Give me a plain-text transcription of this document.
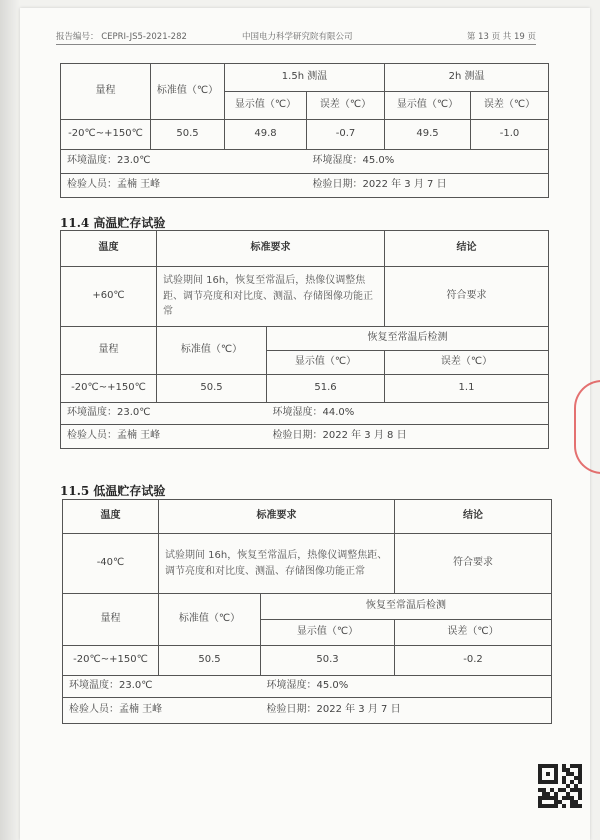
报告编号： CEPRI-JS5-2021-282	中国电力科学研究院有限公司	第 13 页 共 19 页
量程	标准值（℃）	1.5h 测温		2h 测温	
		显示值（℃）	误差（℃）	显示值（℃）	误差（℃）
-20℃~+150℃	50.5	49.8	-0.7	49.5	-1.0
环境温度：23.0℃			环境湿度：45.0%		
检验人员：孟楠 王峰			检验日期：2022 年 3 月 7 日		
11.4 高温贮存试验
温度	标准要求		结论
+60℃	试验期间 16h，恢复至常温后，热像仪调整焦距、调节亮度和对比度、测温、存储图像功能正常		符合要求
量程	标准值（℃）	恢复至常温后检测	
		显示值（℃）	误差（℃）
-20℃~+150℃	50.5	51.6	1.1
环境温度：23.0℃		环境湿度：44.0%	
检验人员：孟楠 王峰		检验日期：2022 年 3 月 8 日	
11.5 低温贮存试验
温度	标准要求		结论
-40℃	试验期间 16h，恢复至常温后，热像仪调整焦距、调节亮度和对比度、测温、存储图像功能正常		符合要求
量程	标准值（℃）	恢复至常温后检测	
		显示值（℃）	误差（℃）
-20℃~+150℃	50.5	50.3	-0.2
环境温度：23.0℃		环境湿度：45.0%	
检验人员：孟楠 王峰		检验日期：2022 年 3 月 7 日	
